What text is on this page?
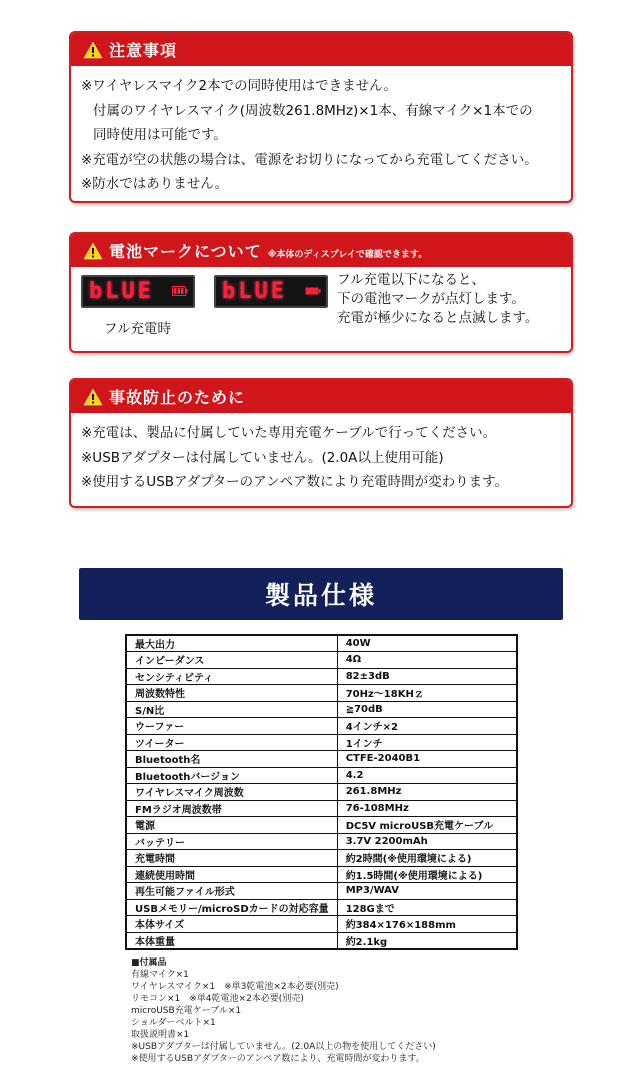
注意事項
※ワイヤレスマイク2本での同時使用はできません。
付属のワイヤレスマイク(周波数261.8MHz)×1本、有線マイク×1本での
同時使用は可能です。
※充電が空の状態の場合は、電源をお切りになってから充電してください。
※防水ではありません。
電池マークについて ※本体のディスプレイで確認できます。
bLUE	bLUE
フル充電時
フル充電以下になると、
下の電池マークが点灯します。
充電が極少になると点滅します。
事故防止のために
※充電は、製品に付属していた専用充電ケーブルで行ってください。
※USBアダプターは付属していません。(2.0A以上使用可能)
※使用するUSBアダプターのアンペア数により充電時間が変わります。
製品仕様
最大出力	40W
インピーダンス	4Ω
センシティビティ	82±3dB
周波数特性	70Hz～18KHｚ
S/N比	≧70dB
ウーファー	4インチ×2
ツイーター	1インチ
Bluetooth名	CTFE-2040B1
Bluetoothバージョン	4.2
ワイヤレスマイク周波数	261.8MHz
FMラジオ周波数帯	76-108MHz
電源	DC5V microUSB充電ケーブル
バッテリー	3.7V 2200mAh
充電時間	約2時間(※使用環境による)
連続使用時間	約1.5時間(※使用環境による)
再生可能ファイル形式	MP3/WAV
USBメモリー/microSDカードの対応容量	128Gまで
本体サイズ	約384×176×188mm
本体重量	約2.1kg
■付属品
有線マイク×1
ワイヤレスマイク×1　※単3乾電池×2本必要(別売)
リモコン×1　※単4乾電池×2本必要(別売)
microUSB充電ケーブル×1
ショルダーベルト×1
取扱説明書×1
※USBアダプターは付属していません。(2.0A以上の物を使用してください)
※使用するUSBアダプターのアンペア数により、充電時間が変わります。
